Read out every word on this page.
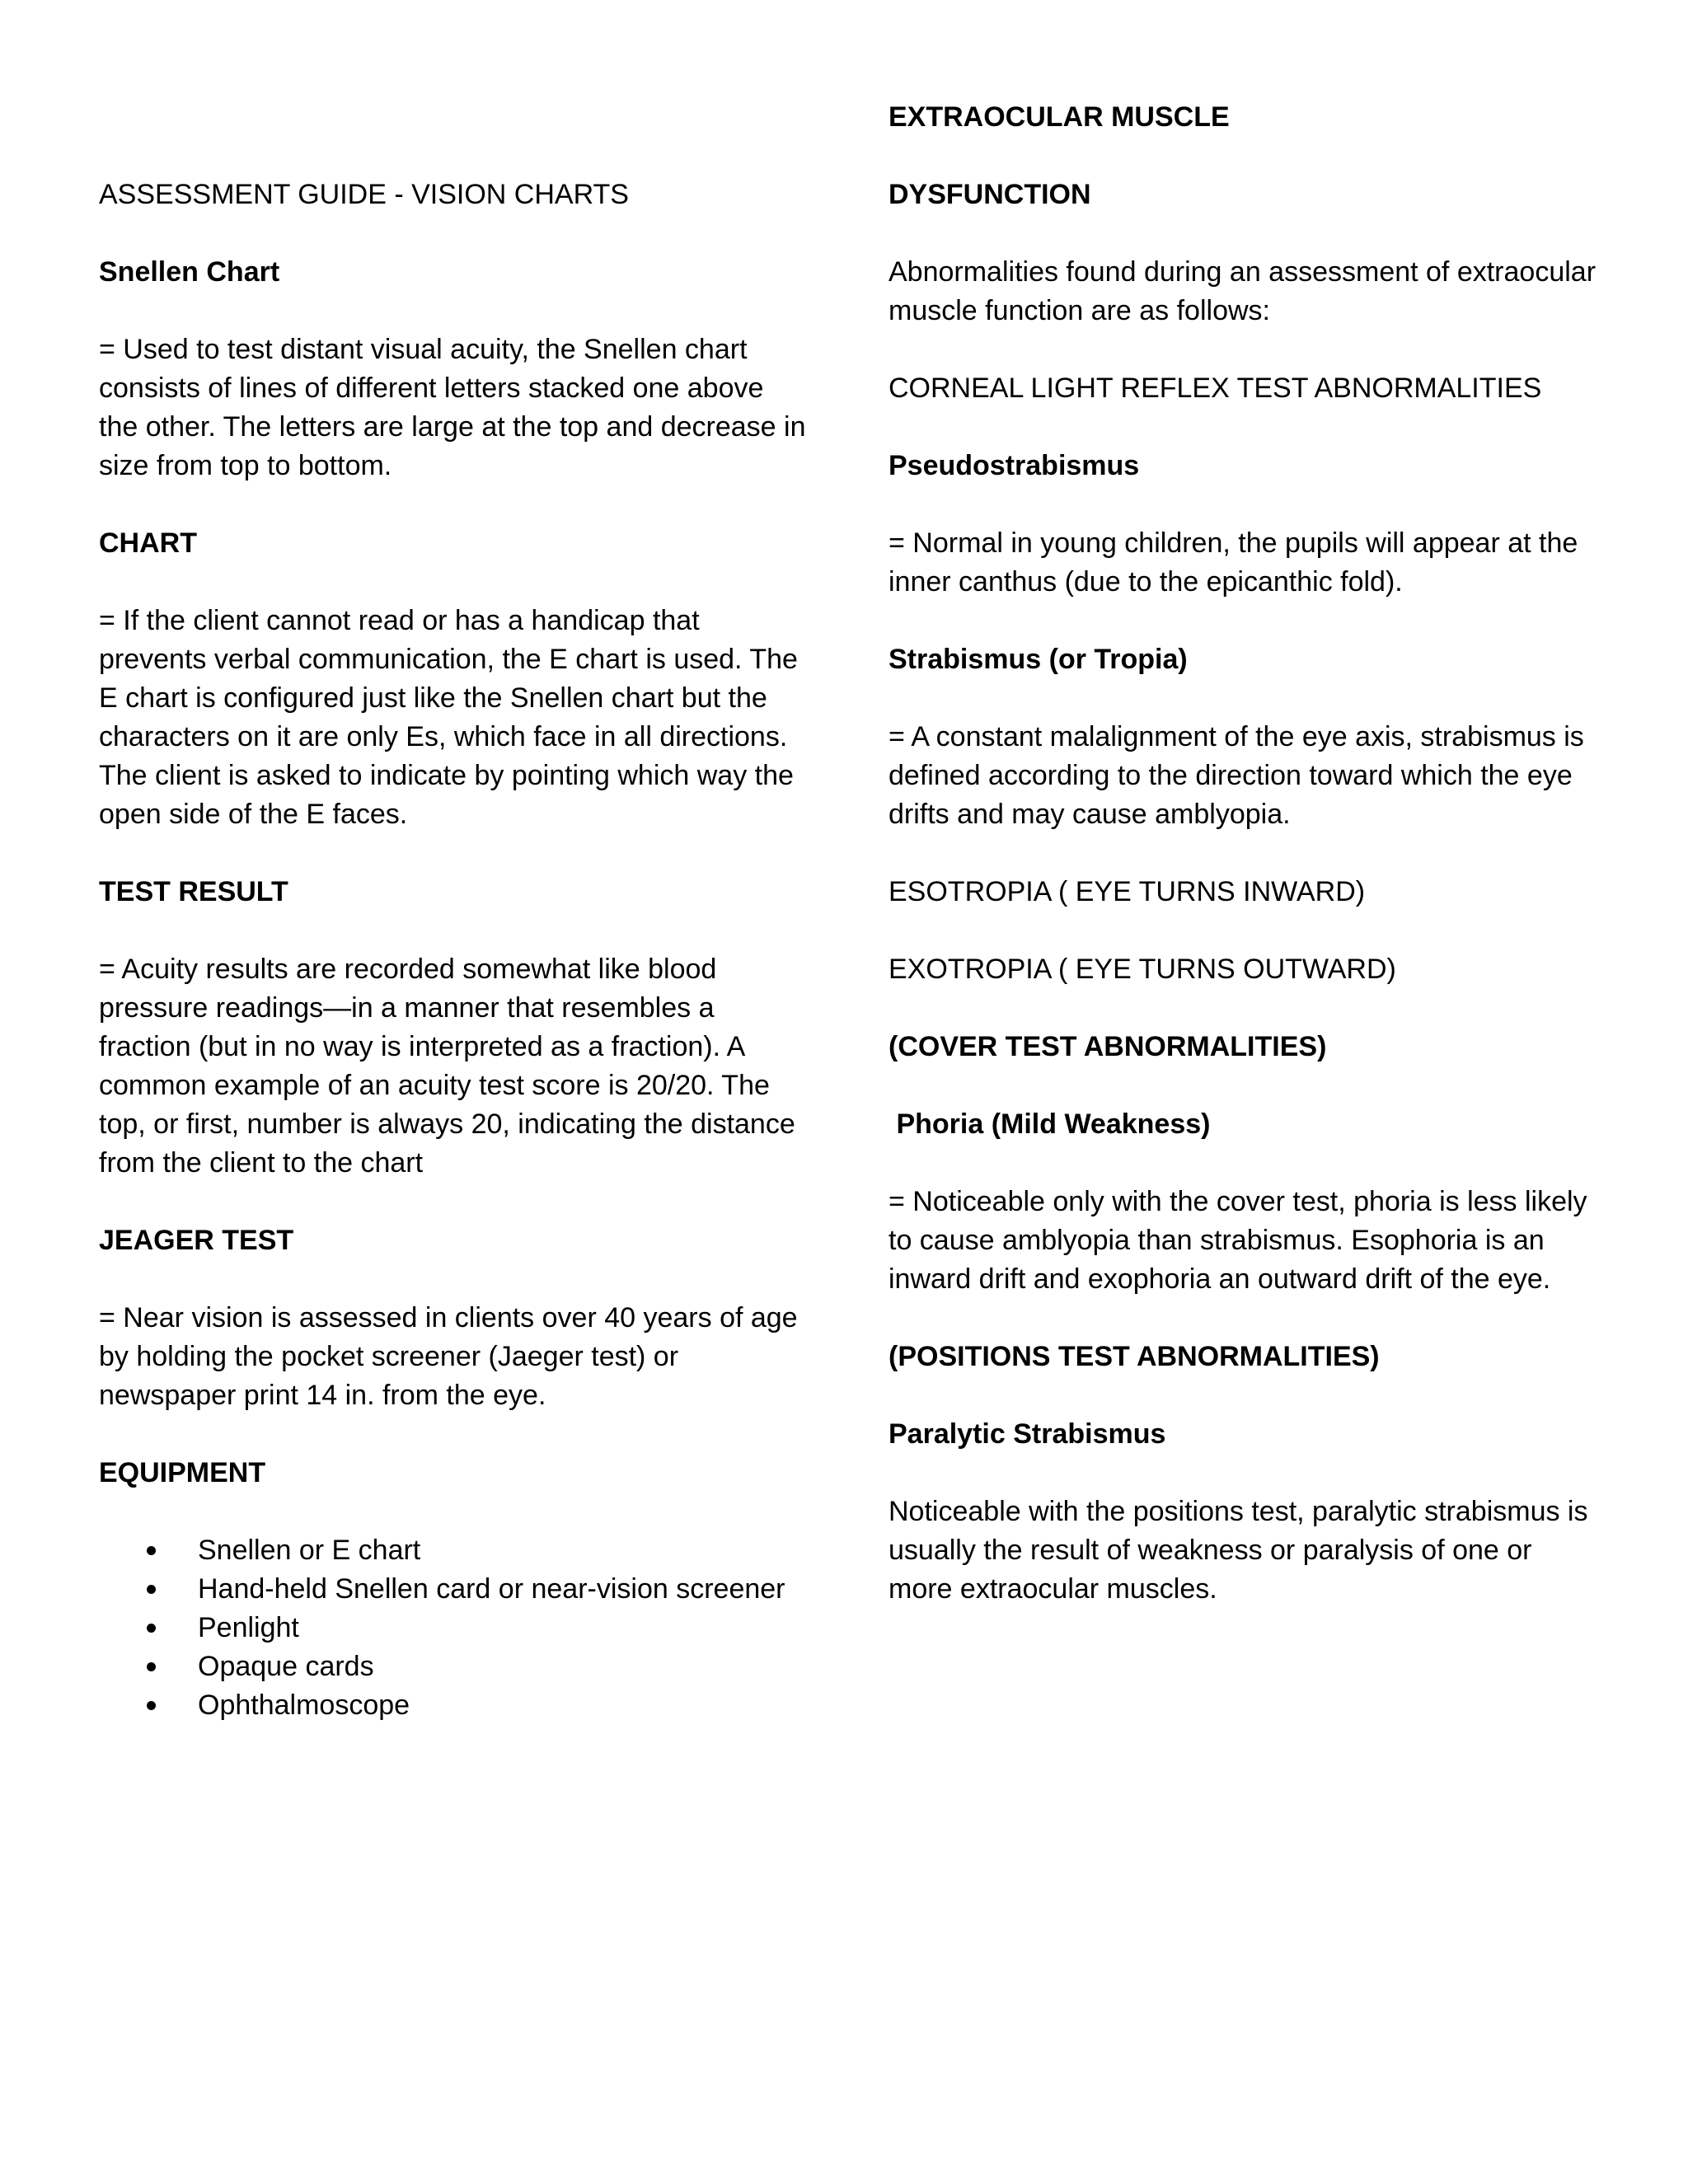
ASSESSMENT GUIDE - VISION CHARTS

Snellen Chart

= Used to test distant visual acuity, the Snellen chart consists of lines of different letters stacked one above the other. The letters are large at the top and decrease in size from top to bottom.

CHART

= If the client cannot read or has a handicap that prevents verbal communication, the E chart is used. The E chart is configured just like the Snellen chart but the characters on it are only Es, which face in all directions. The client is asked to indicate by pointing which way the open side of the E faces.

TEST RESULT

= Acuity results are recorded somewhat like blood pressure readings—in a manner that resembles a fraction (but in no way is interpreted as a fraction). A common example of an acuity test score is 20/20. The top, or first, number is always 20, indicating the distance from the client to the chart

JEAGER TEST

= Near vision is assessed in clients over 40 years of age by holding the pocket screener (Jaeger test) or newspaper print 14 in. from the eye.

EQUIPMENT

Snellen or E chart
Hand-held Snellen card or near-vision screener
Penlight
Opaque cards
Ophthalmoscope

EXTRAOCULAR MUSCLE

DYSFUNCTION

Abnormalities found during an assessment of extraocular muscle function are as follows:

CORNEAL LIGHT REFLEX TEST ABNORMALITIES

Pseudostrabismus

= Normal in young children, the pupils will appear at the inner canthus (due to the epicanthic fold).

Strabismus (or Tropia)

= A constant malalignment of the eye axis, strabismus is defined according to the direction toward which the eye drifts and may cause amblyopia.

ESOTROPIA ( EYE TURNS INWARD)

EXOTROPIA ( EYE TURNS OUTWARD)

(COVER TEST ABNORMALITIES)

Phoria (Mild Weakness)

= Noticeable only with the cover test, phoria is less likely to cause amblyopia than strabismus. Esophoria is an inward drift and exophoria an outward drift of the eye.

(POSITIONS TEST ABNORMALITIES)

Paralytic Strabismus

Noticeable with the positions test, paralytic strabismus is usually the result of weakness or paralysis of one or more extraocular muscles.
